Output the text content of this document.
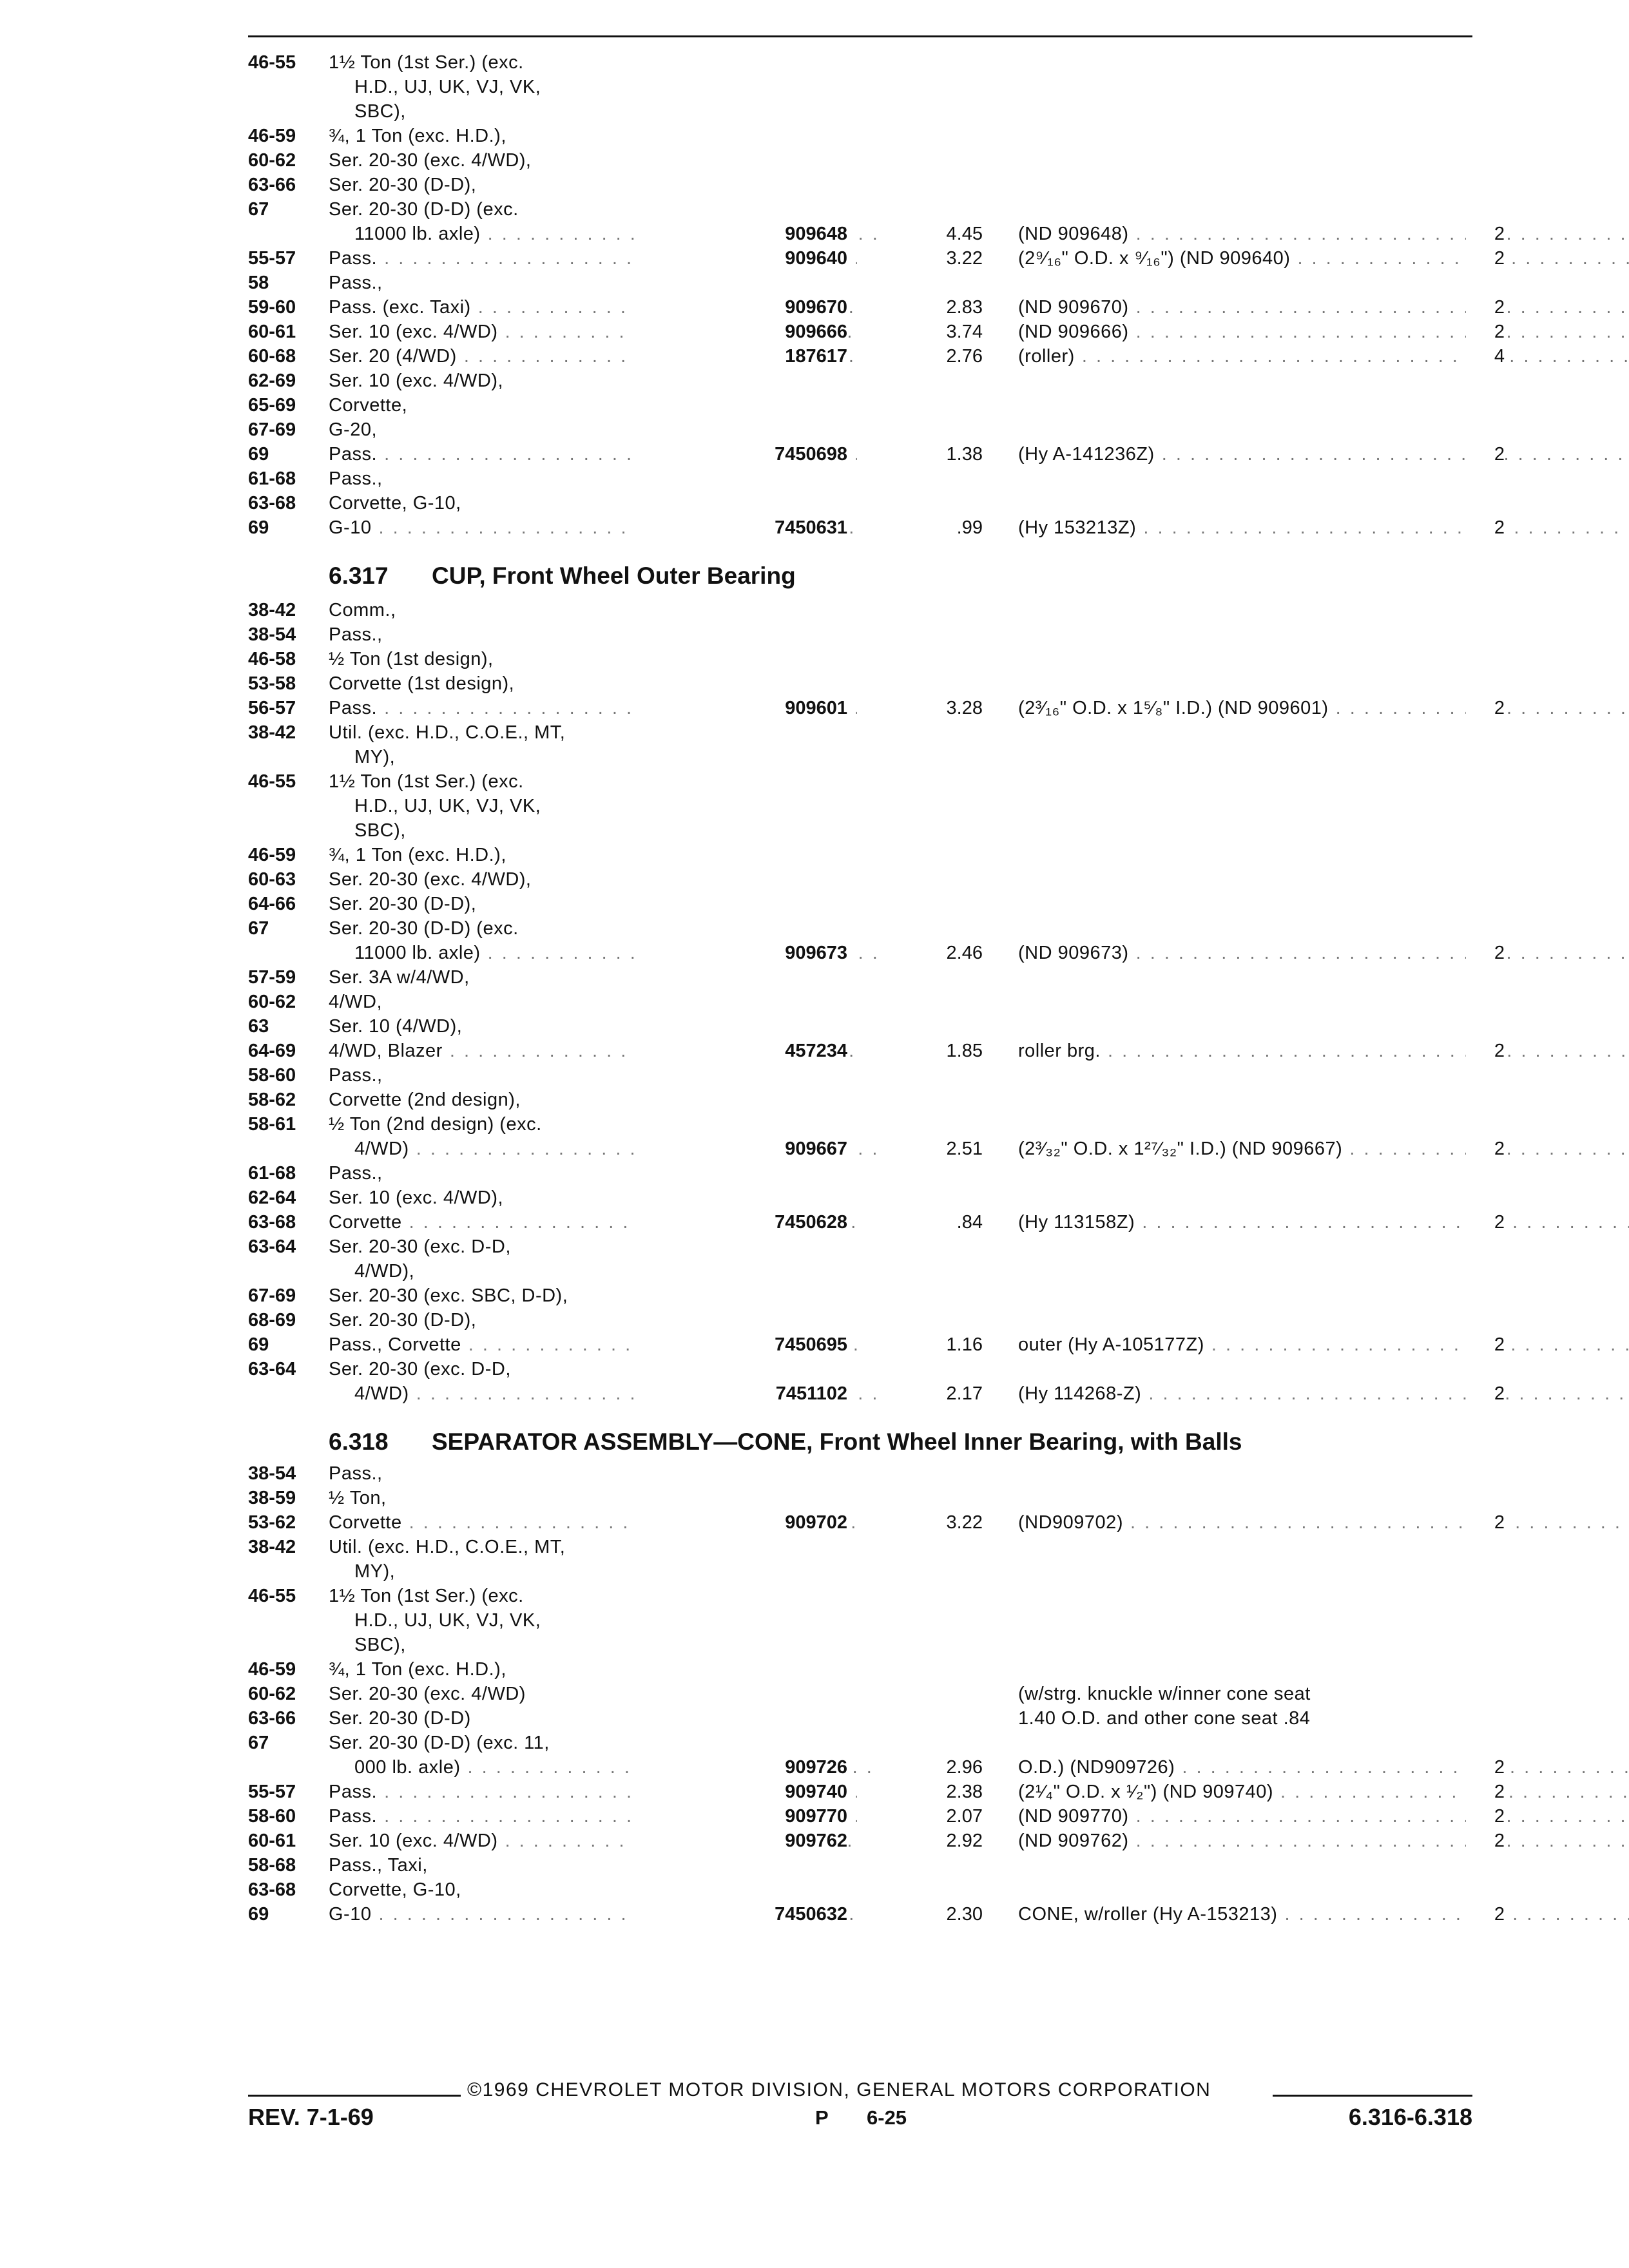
46-55	1½ Ton (1st Ser.) (exc.
H.D., UJ, UK, VJ, VK,
SBC),
46-59	¾, 1 Ton (exc. H.D.),
60-62	Ser. 20-30 (exc. 4/WD),
63-66	Ser. 20-30 (D-D),
67	Ser. 20-30 (D-D) (exc.
11000 lb. axle) . . .	909648	4.45 (ND 909648) . . .	2
55-57	Pass. . . .	909640	3.22 (2⁹⁄₁₆" O.D. x ⁹⁄₁₆") (ND 909640) . . .	2
58	Pass.,
59-60	Pass. (exc. Taxi) . . .	909670	2.83 (ND 909670) . . .	2
60-61	Ser. 10 (exc. 4/WD) . . .	909666	3.74 (ND 909666) . . .	2
60-68	Ser. 20 (4/WD) . . .	187617	2.76 (roller) . . .	4
62-69	Ser. 10 (exc. 4/WD),
65-69	Corvette,
67-69	G-20,
69	Pass. . . .	7450698	1.38 (Hy A-141236Z) . . .	2
61-68	Pass.,
63-68	Corvette, G-10,
69	G-10 . . .	7450631	.99 (Hy 153213Z) . . .	2
6.317 CUP, Front Wheel Outer Bearing
38-42	Comm.,
38-54	Pass.,
46-58	½ Ton (1st design),
53-58	Corvette (1st design),
56-57	Pass. . . .	909601	3.28 (2³⁄₁₆" O.D. x 1⁵⁄₈" I.D.) (ND 909601) . . .	2
38-42	Util. (exc. H.D., C.O.E., MT,
MY),
46-55	1½ Ton (1st Ser.) (exc.
H.D., UJ, UK, VJ, VK,
SBC),
46-59	¾, 1 Ton (exc. H.D.),
60-63	Ser. 20-30 (exc. 4/WD),
64-66	Ser. 20-30 (D-D),
67	Ser. 20-30 (D-D) (exc.
11000 lb. axle) . . .	909673	2.46 (ND 909673) . . .	2
57-59	Ser. 3A w/4/WD,
60-62	4/WD,
63	Ser. 10 (4/WD),
64-69	4/WD, Blazer . . .	457234	1.85 roller brg. . . .	2
58-60	Pass.,
58-62	Corvette (2nd design),
58-61	½ Ton (2nd design) (exc.
4/WD) . . .	909667	2.51 (2³⁄₃₂" O.D. x 1²⁷⁄₃₂" I.D.) (ND 909667) . . .	2
61-68	Pass.,
62-64	Ser. 10 (exc. 4/WD),
63-68	Corvette . . .	7450628	.84 (Hy 113158Z) . . .	2
63-64	Ser. 20-30 (exc. D-D,
4/WD),
67-69	Ser. 20-30 (exc. SBC, D-D),
68-69	Ser. 20-30 (D-D),
69	Pass., Corvette . . .	7450695	1.16 outer (Hy A-105177Z) . . .	2
63-64	Ser. 20-30 (exc. D-D,
4/WD) . . .	7451102	2.17 (Hy 114268-Z) . . .	2
6.318 SEPARATOR ASSEMBLY—CONE, Front Wheel Inner Bearing, with Balls
38-54	Pass.,
38-59	½ Ton,
53-62	Corvette . . .	909702	3.22 (ND909702) . . .	2
38-42	Util. (exc. H.D., C.O.E., MT,
MY),
46-55	1½ Ton (1st Ser.) (exc.
H.D., UJ, UK, VJ, VK,
SBC),
46-59	¾, 1 Ton (exc. H.D.),
60-62	Ser. 20-30 (exc. 4/WD)	(w/strg. knuckle w/inner cone seat
63-66	Ser. 20-30 (D-D)	1.40 O.D. and other cone seat .84
67	Ser. 20-30 (D-D) (exc. 11,
000 lb. axle) . . .	909726	2.96 O.D.) (ND909726) . . .	2
55-57	Pass. . . .	909740	2.38 (2¹⁄₄" O.D. x ¹⁄₂") (ND 909740) . . .	2
58-60	Pass. . . .	909770	2.07 (ND 909770) . . .	2
60-61	Ser. 10 (exc. 4/WD) . . .	909762	2.92 (ND 909762) . . .	2
58-68	Pass., Taxi,
63-68	Corvette, G-10,
69	G-10 . . .	7450632	2.30 CONE, w/roller (Hy A-153213) . . .	2
©1969 CHEVROLET MOTOR DIVISION, GENERAL MOTORS CORPORATION
REV. 7-1-69	P 6-25	6.316-6.318
